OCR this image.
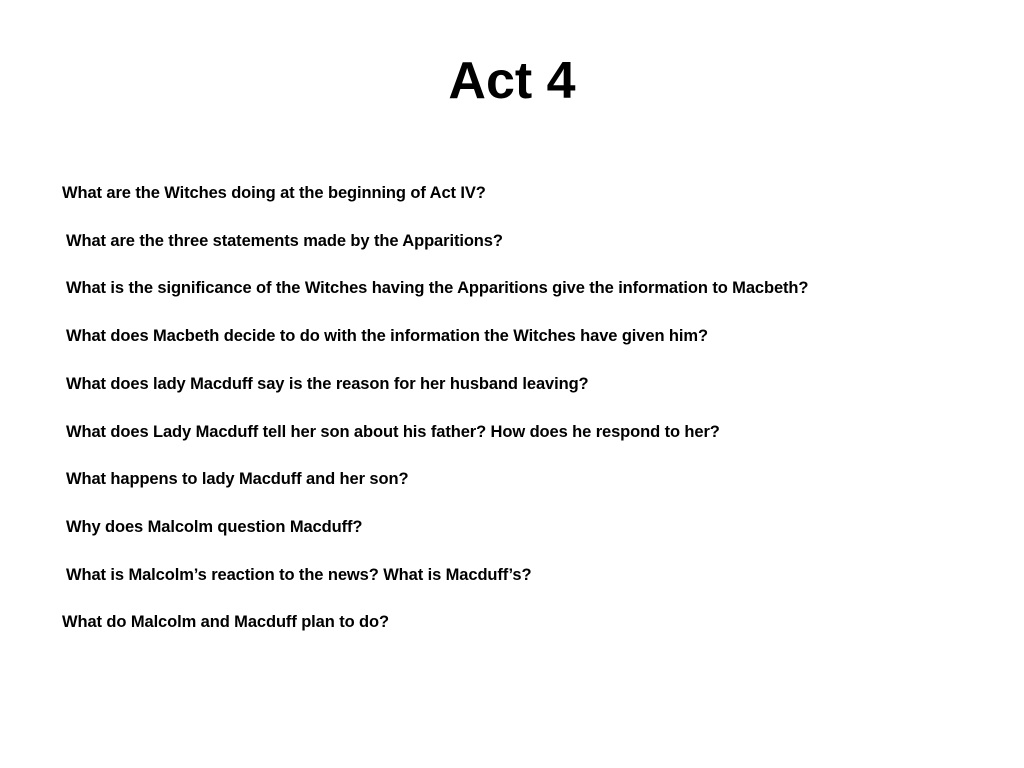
Act 4
What are the Witches doing at the beginning of Act IV?
What are the three statements made by the Apparitions?
What is the significance of the Witches having the Apparitions give the information to Macbeth?
What does Macbeth decide to do with the information the Witches have given him?
What does lady Macduff say is the reason for her husband leaving?
What does Lady Macduff tell her son about his father? How does he respond to her?
What happens to lady Macduff and her son?
Why does Malcolm question Macduff?
What is Malcolm’s reaction to the news? What is Macduff’s?
What do Malcolm and Macduff plan to do?
